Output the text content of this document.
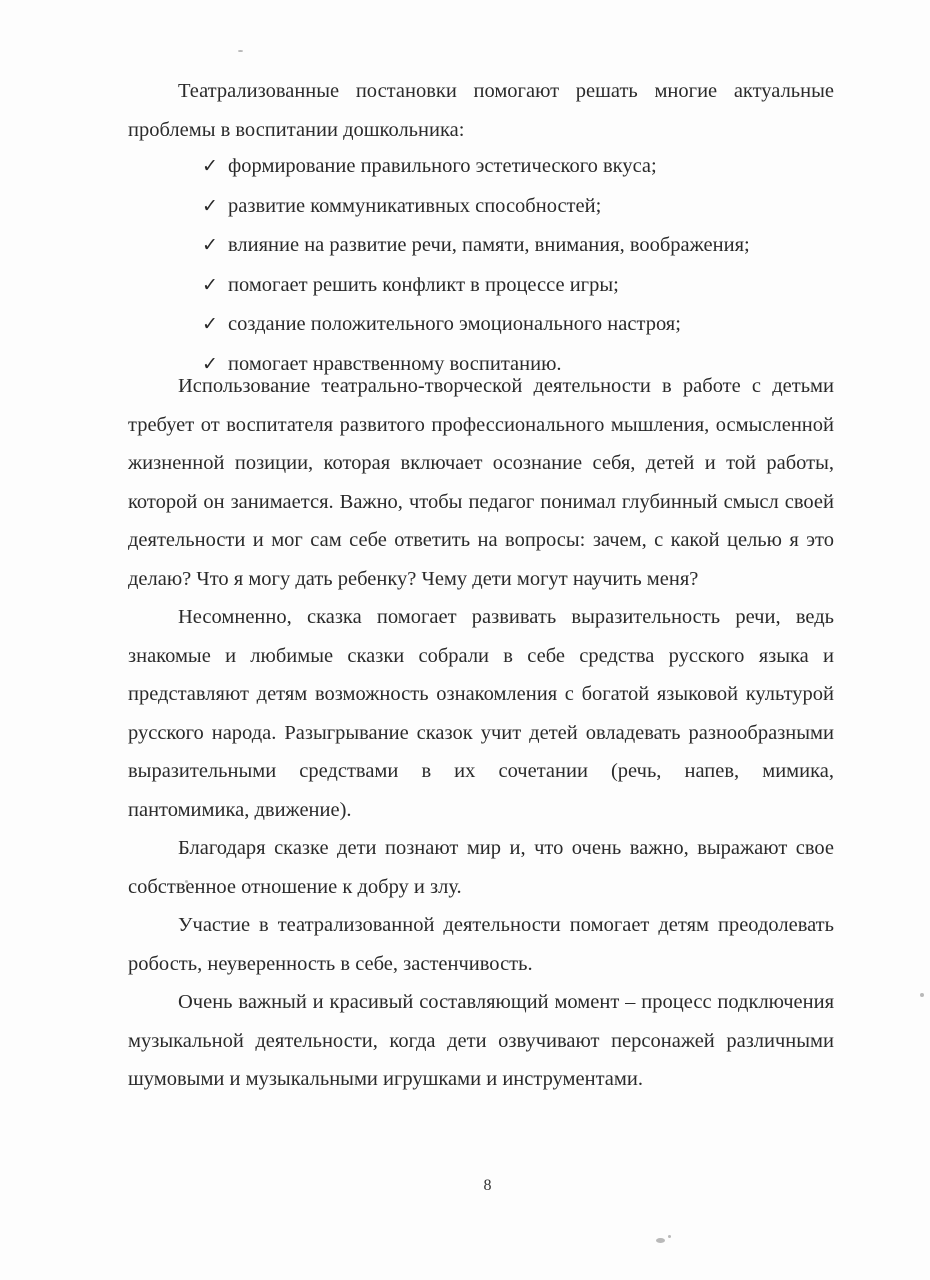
Театрализованные постановки помогают решать многие актуальные проблемы в воспитании дошкольника:

✓ формирование правильного эстетического вкуса;
✓ развитие коммуникативных способностей;
✓ влияние на развитие речи, памяти, внимания, воображения;
✓ помогает решить конфликт в процессе игры;
✓ создание положительного эмоционального настроя;
✓ помогает нравственному воспитанию.

Использование театрально-творческой деятельности в работе с детьми требует от воспитателя развитого профессионального мышления, осмысленной жизненной позиции, которая включает осознание себя, детей и той работы, которой он занимается. Важно, чтобы педагог понимал глубинный смысл своей деятельности и мог сам себе ответить на вопросы: зачем, с какой целью я это делаю? Что я могу дать ребенку? Чему дети могут научить меня?

Несомненно, сказка помогает развивать выразительность речи, ведь знакомые и любимые сказки собрали в себе средства русского языка и представляют детям возможность ознакомления с богатой языковой культурой русского народа. Разыгрывание сказок учит детей овладевать разнообразными выразительными средствами в их сочетании (речь, напев, мимика, пантомимика, движение).

Благодаря сказке дети познают мир и, что очень важно, выражают свое собственное отношение к добру и злу.

Участие в театрализованной деятельности помогает детям преодолевать робость, неуверенность в себе, застенчивость.

Очень важный и красивый составляющий момент – процесс подключения музыкальной деятельности, когда дети озвучивают персонажей различными шумовыми и музыкальными игрушками и инструментами.

8
